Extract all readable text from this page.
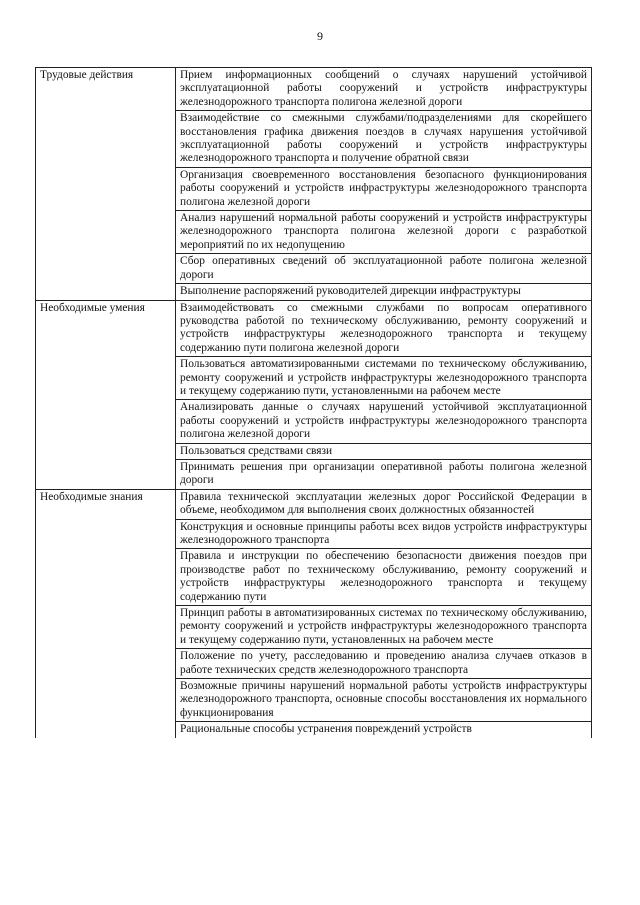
9
Трудовые действия	Прием информационных сообщений о случаях нарушений устойчивой эксплуатационной работы сооружений и устройств инфраструктуры железнодорожного транспорта полигона железной дороги
	Взаимодействие со смежными службами/подразделениями для скорейшего восстановления графика движения поездов в случаях нарушения устойчивой эксплуатационной работы сооружений и устройств инфраструктуры железнодорожного транспорта и получение обратной связи
	Организация своевременного восстановления безопасного функционирования работы сооружений и устройств инфраструктуры железнодорожного транспорта полигона железной дороги
	Анализ нарушений нормальной работы сооружений и устройств инфраструктуры железнодорожного транспорта полигона железной дороги с разработкой мероприятий по их недопущению
	Сбор оперативных сведений об эксплуатационной работе полигона железной дороги
	Выполнение распоряжений руководителей дирекции инфраструктуры
Необходимые умения	Взаимодействовать со смежными службами по вопросам оперативного руководства работой по техническому обслуживанию, ремонту сооружений и устройств инфраструктуры железнодорожного транспорта и текущему содержанию пути полигона железной дороги
	Пользоваться автоматизированными системами по техническому обслуживанию, ремонту сооружений и устройств инфраструктуры железнодорожного транспорта и текущему содержанию пути, установленными на рабочем месте
	Анализировать данные о случаях нарушений устойчивой эксплуатационной работы сооружений и устройств инфраструктуры железнодорожного транспорта полигона железной дороги
	Пользоваться средствами связи
	Принимать решения при организации оперативной работы полигона железной дороги
Необходимые знания	Правила технической эксплуатации железных дорог Российской Федерации в объеме, необходимом для выполнения своих должностных обязанностей
	Конструкция и основные принципы работы всех видов устройств инфраструктуры железнодорожного транспорта
	Правила и инструкции по обеспечению безопасности движения поездов при производстве работ по техническому обслуживанию, ремонту сооружений и устройств инфраструктуры железнодорожного транспорта и текущему содержанию пути
	Принцип работы в автоматизированных системах по техническому обслуживанию, ремонту сооружений и устройств инфраструктуры железнодорожного транспорта и текущему содержанию пути, установленных на рабочем месте
	Положение по учету, расследованию и проведению анализа случаев отказов в работе технических средств железнодорожного транспорта
	Возможные причины нарушений нормальной работы устройств инфраструктуры железнодорожного транспорта, основные способы восстановления их нормального функционирования
	Рациональные способы устранения повреждений устройств
